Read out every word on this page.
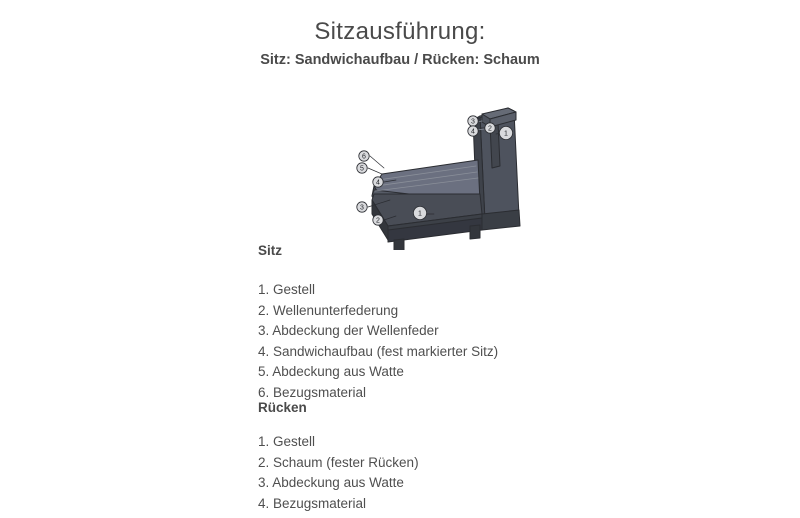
Sitzausführung:
Sitz: Sandwichaufbau / Rücken: Schaum
1
2
3
4
5
6
1
2
3
4
Sitz
1. Gestell
2. Wellenunterfederung
3. Abdeckung der Wellenfeder
4. Sandwichaufbau (fest markierter Sitz)
5. Abdeckung aus Watte
6. Bezugsmaterial
Rücken
1. Gestell
2. Schaum (fester Rücken)
3. Abdeckung aus Watte
4. Bezugsmaterial
